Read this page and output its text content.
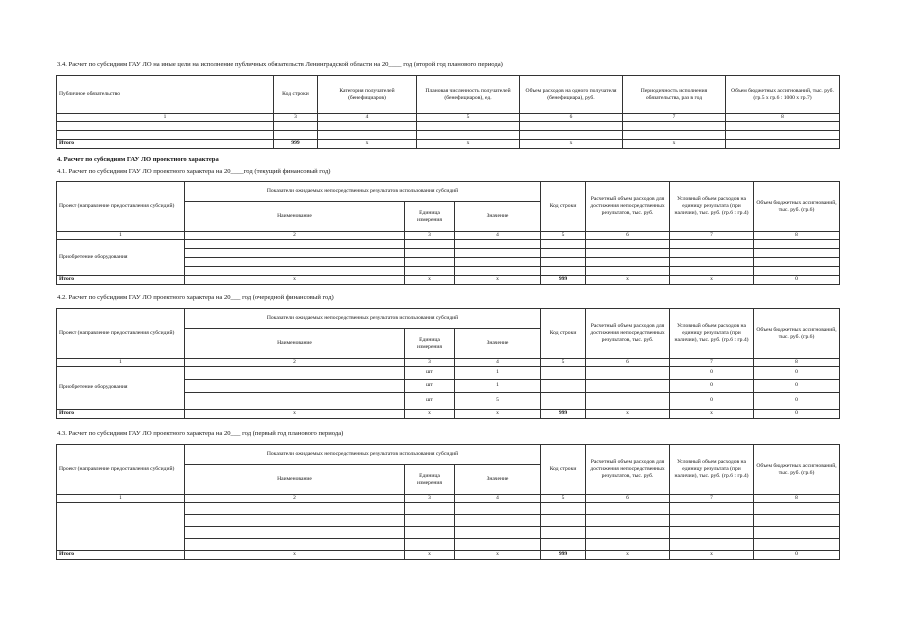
3.4. Расчет по субсидиям ГАУ ЛО на иные цели на исполнение публичных обязательств Ленинградской области на 20____ год (второй год планового периода)
Публичное обязательство	Код строки	Категория получателей (бенефициаров)	Плановая численность получателей (бенефициаров), ед.	Объем расходов на одного получателя (бенефициара), руб.	Периодичность исполнения обязательства, раз в год	Объем бюджетных ассигнований, тыс. руб. (гр.5 х гр.6 : 1000 х гр.7)
1	3	4	5	6	7	8

Итого	999	х	х	х	х	
4. Расчет по субсидиям ГАУ ЛО проектного характера
4.1. Расчет по субсидиям ГАУ ЛО проектного характера на 20____год (текущий финансовый год)
Проект (направление предоставления субсидий)	Показатели ожидаемых непосредственных результатов использования субсидий			Код строки	Расчетный объем расходов для достижения непосредственных результатов, тыс. руб.	Условный объем расходов на единицу результата (при наличии), тыс. руб. (гр.6 : гр.4)	Объем бюджетных ассигнований, тыс. руб. (гр.6)
	Наименование	Единица измерения	Значение				
1	2	3	4	5	6	7	8
Приобретение оборудования							

Итого	х	х	х	999	х	х	0
4.2. Расчет по субсидиям ГАУ ЛО проектного характера на 20___ год (очередной финансовый год)
Проект (направление предоставления субсидий)	Показатели ожидаемых непосредственных результатов использования субсидий			Код строки	Расчетный объем расходов для достижения непосредственных результатов, тыс. руб.	Условный объем расходов на единицу результата (при наличии), тыс. руб. (гр.6 : гр.4)	Объем бюджетных ассигнований, тыс. руб. (гр.6)
	Наименование	Единица измерения	Значение				
1	2	3	4	5	6	7	8
Приобретение оборудования		шт	1			0	0
		шт	1			0	0
		шт	5			0	0
Итого	х	х	х	999	х	х	0
4.3. Расчет по субсидиям ГАУ ЛО проектного характера на 20___ год (первый год планового периода)
Проект (направление предоставления субсидий)	Показатели ожидаемых непосредственных результатов использования субсидий			Код строки	Расчетный объем расходов для достижения непосредственных результатов, тыс. руб.	Условный объем расходов на единицу результата (при наличии), тыс. руб. (гр.6 : гр.4)	Объем бюджетных ассигнований, тыс. руб. (гр.6)
	Наименование	Единица измерения	Значение				
1	2	3	4	5	6	7	8

Итого	х	х	х	999	х	х	0
